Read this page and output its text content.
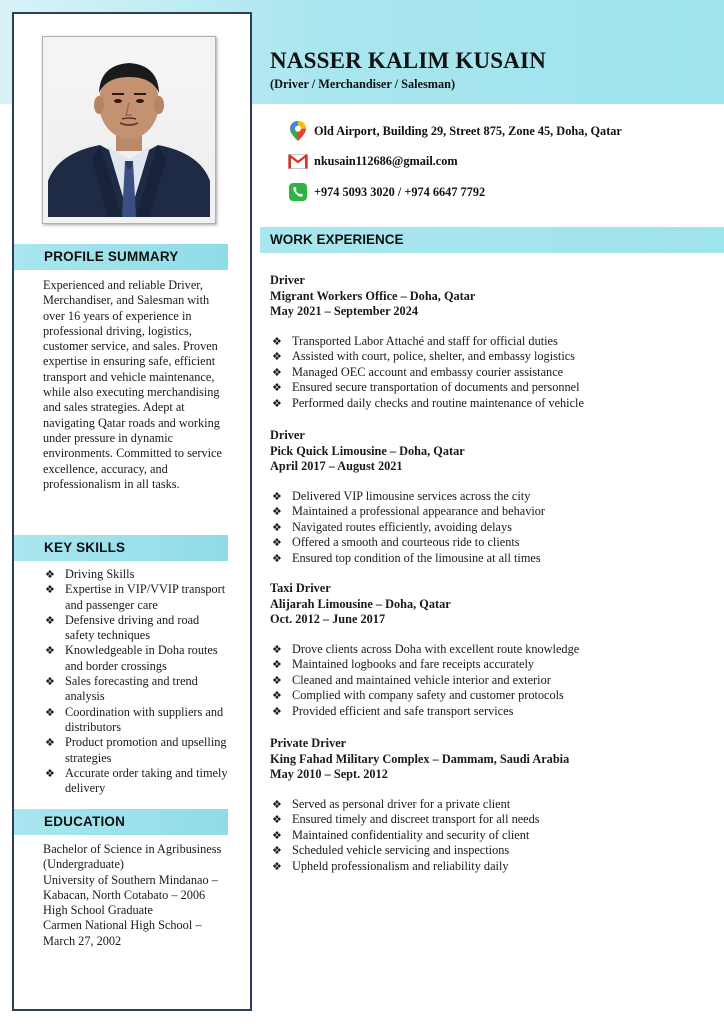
PROFILE SUMMARY

Experienced and reliable Driver, Merchandiser, and Salesman with over 16 years of experience in professional driving, logistics, customer service, and sales. Proven expertise in ensuring safe, efficient transport and vehicle maintenance, while also executing merchandising and sales strategies. Adept at navigating Qatar roads and working under pressure in dynamic environments. Committed to service excellence, accuracy, and professionalism in all tasks.

KEY SKILLS
❖ Driving Skills
❖ Expertise in VIP/VVIP transport and passenger care
❖ Defensive driving and road safety techniques
❖ Knowledgeable in Doha routes and border crossings
❖ Sales forecasting and trend analysis
❖ Coordination with suppliers and distributors
❖ Product promotion and upselling strategies
❖ Accurate order taking and timely delivery
EDUCATION

Bachelor of Science in Agribusiness (Undergraduate)

University of Southern Mindanao – Kabacan, North Cotabato – 2006

High School Graduate

Carmen National High School – March 27, 2002

NASSER KALIM KUSAIN
(Driver / Merchandiser / Salesman)
Old Airport, Building 29, Street 875, Zone 45, Doha, Qatar
nkusain112686@gmail.com
+974 5093 3020 / +974 6647 7792
WORK EXPERIENCE
Driver
Migrant Workers Office – Doha, Qatar
May 2021 – September 2024
❖ Transported Labor Attaché and staff for official duties
❖ Assisted with court, police, shelter, and embassy logistics
❖ Managed OEC account and embassy courier assistance
❖ Ensured secure transportation of documents and personnel
❖ Performed daily checks and routine maintenance of vehicle
Driver
Pick Quick Limousine – Doha, Qatar
April 2017 – August 2021
❖ Delivered VIP limousine services across the city
❖ Maintained a professional appearance and behavior
❖ Navigated routes efficiently, avoiding delays
❖ Offered a smooth and courteous ride to clients
❖ Ensured top condition of the limousine at all times
Taxi Driver
Alijarah Limousine – Doha, Qatar
Oct. 2012 – June 2017
❖ Drove clients across Doha with excellent route knowledge
❖ Maintained logbooks and fare receipts accurately
❖ Cleaned and maintained vehicle interior and exterior
❖ Complied with company safety and customer protocols
❖ Provided efficient and safe transport services
Private Driver
King Fahad Military Complex – Dammam, Saudi Arabia
May 2010 – Sept. 2012
❖ Served as personal driver for a private client
❖ Ensured timely and discreet transport for all needs
❖ Maintained confidentiality and security of client
❖ Scheduled vehicle servicing and inspections
❖ Upheld professionalism and reliability daily
